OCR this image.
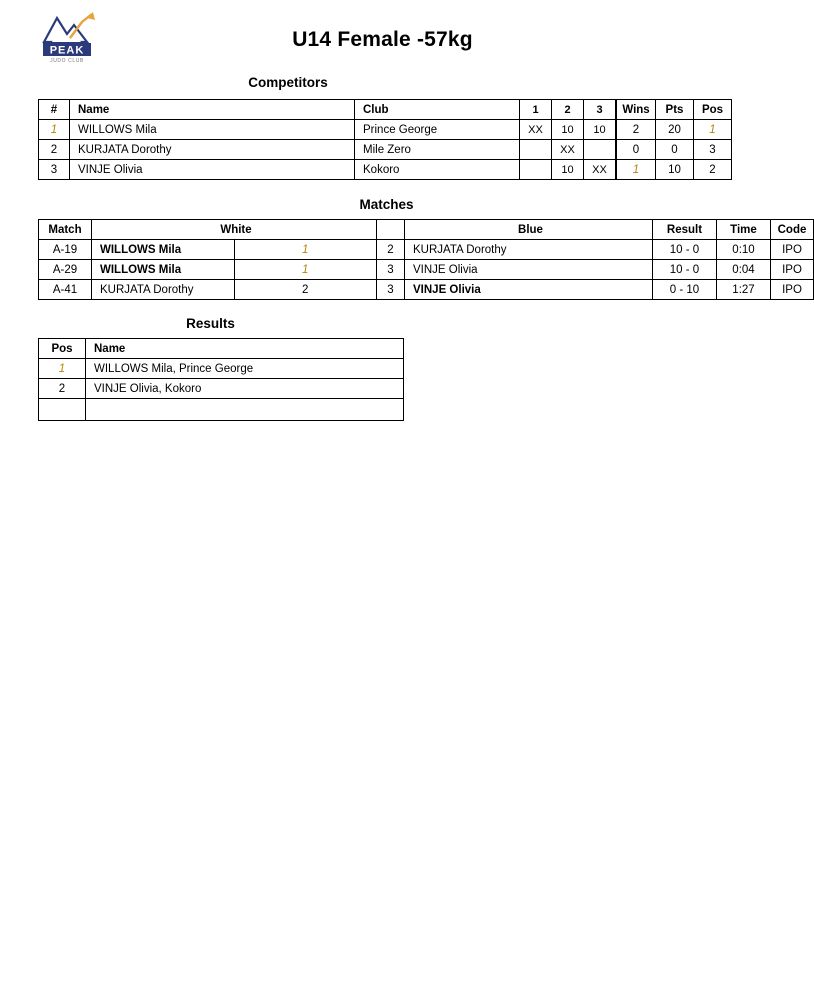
PEAK
JUDO CLUB
U14 Female -57kg
Competitors
#	Name	Club	1	2	3	Wins	Pts	Pos
1	WILLOWS Mila	Prince George	XX	10	10	2	20	1
2	KURJATA Dorothy	Mile Zero		XX		0	0	3
3	VINJE Olivia	Kokoro		10	XX	1	10	2
Matches
Match	White			Blue	Result	Time	Code
A-19	WILLOWS Mila	1	2	KURJATA Dorothy	10 - 0	0:10	IPO
A-29	WILLOWS Mila	1	3	VINJE Olivia	10 - 0	0:04	IPO
A-41	KURJATA Dorothy	2	3	VINJE Olivia	0 - 10	1:27	IPO
Results
Pos	Name
1	WILLOWS Mila, Prince George
2	VINJE Olivia, Kokoro
